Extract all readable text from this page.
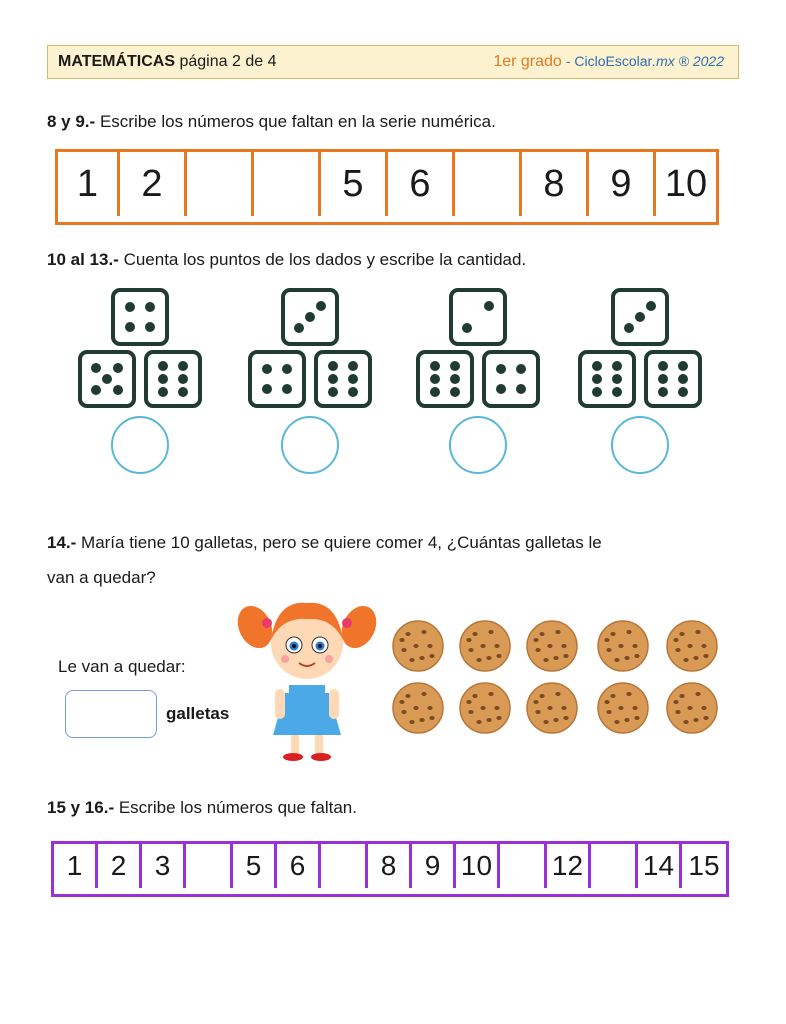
MATEMÁTICAS página 2 de 4	1er grado - CicloEscolar.mx ® 2022
8 y 9.- Escribe los números que faltan en la serie numérica.
1	2	5	6	8	9 10
10 al 13.- Cuenta los puntos de los dados y escribe la cantidad.
14.- María tiene 10 galletas, pero se quiere comer 4, ¿Cuántas galletas le
van a quedar?
Le van a quedar:
galletas
15 y 16.- Escribe los números que faltan.
1	2	3	5	6	8	9 10 12 14 15
